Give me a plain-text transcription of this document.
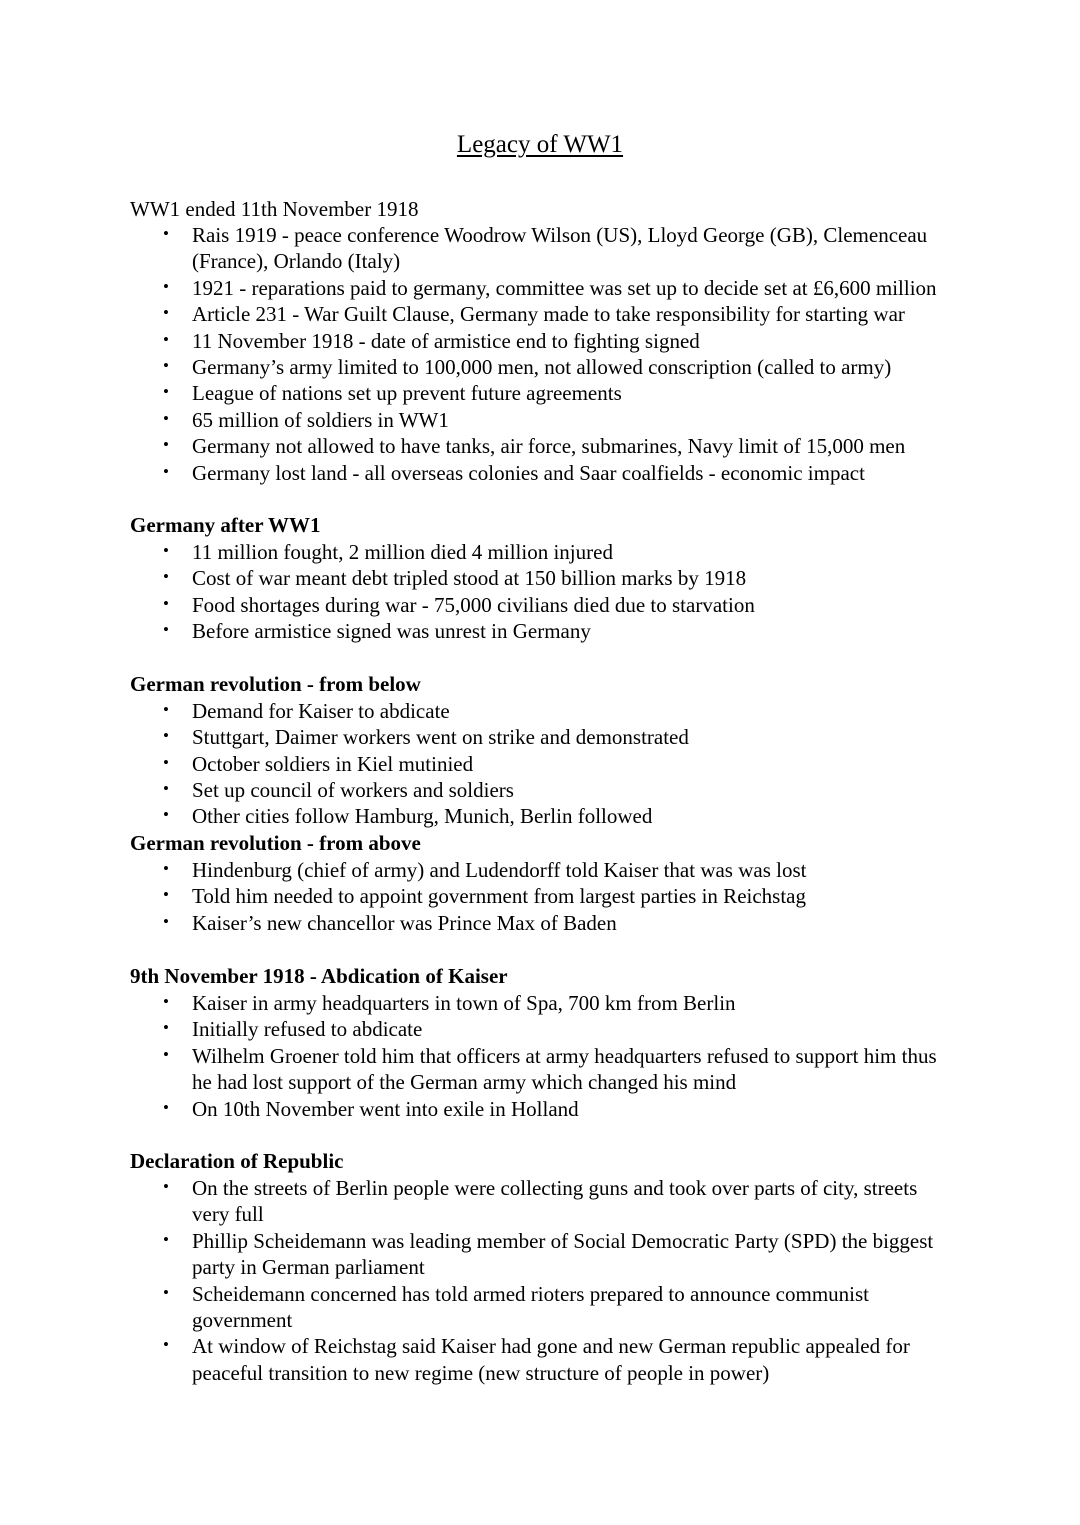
Legacy of WW1

WW1 ended 11th November 1918

• Rais 1919 - peace conference Woodrow Wilson (US), Lloyd George (GB), Clemenceau (France), Orlando (Italy)
• 1921 - reparations paid to germany, committee was set up to decide set at £6,600 million
• Article 231 - War Guilt Clause, Germany made to take responsibility for starting war
• 11 November 1918 - date of armistice end to fighting signed
• Germany’s army limited to 100,000 men, not allowed conscription (called to army)
• League of nations set up prevent future agreements
• 65 million of soldiers in WW1
• Germany not allowed to have tanks, air force, submarines, Navy limit of 15,000 men
• Germany lost land - all overseas colonies and Saar coalfields - economic impact

Germany after WW1

• 11 million fought, 2 million died 4 million injured
• Cost of war meant debt tripled stood at 150 billion marks by 1918
• Food shortages during war - 75,000 civilians died due to starvation
• Before armistice signed was unrest in Germany

German revolution - from below

• Demand for Kaiser to abdicate
• Stuttgart, Daimer workers went on strike and demonstrated
• October soldiers in Kiel mutinied
• Set up council of workers and soldiers
• Other cities follow Hamburg, Munich, Berlin followed

German revolution - from above

• Hindenburg (chief of army) and Ludendorff told Kaiser that was was lost
• Told him needed to appoint government from largest parties in Reichstag
• Kaiser’s new chancellor was Prince Max of Baden

9th November 1918 - Abdication of Kaiser

• Kaiser in army headquarters in town of Spa, 700 km from Berlin
• Initially refused to abdicate
• Wilhelm Groener told him that officers at army headquarters refused to support him thus he had lost support of the German army which changed his mind
• On 10th November went into exile in Holland

Declaration of Republic

• On the streets of Berlin people were collecting guns and took over parts of city, streets very full
• Phillip Scheidemann was leading member of Social Democratic Party (SPD) the biggest party in German parliament
• Scheidemann concerned has told armed rioters prepared to announce communist government
• At window of Reichstag said Kaiser had gone and new German republic appealed for peaceful transition to new regime (new structure of people in power)
